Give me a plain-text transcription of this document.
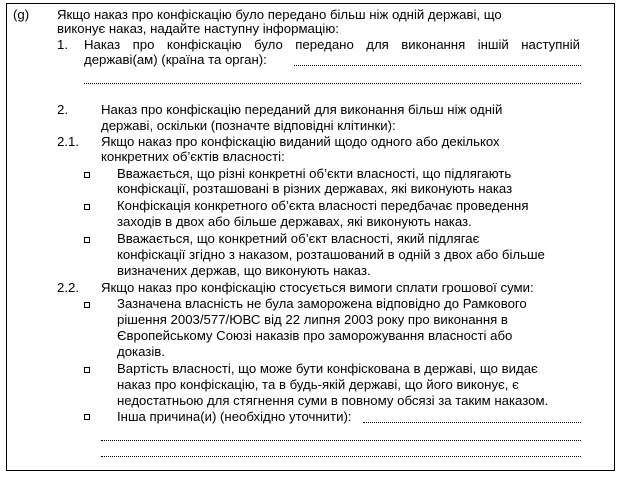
(g) Якщо наказ про конфіскацію було передано більш ніж одній державі, що
виконує наказ, надайте наступну інформацію:
1. Наказ про конфіскацію було передано для виконання іншій наступній
державі(ам) (країна та орган):
2.	Наказ про конфіскацію переданий для виконання більш ніж одній
державі, оскільки (позначте відповідні клітинки):
2.1. Якщо наказ про конфіскацію виданий щодо одного або декількох
конкретних об’єктів власності:
Вважається, що різні конкретні об’єкти власності, що підлягають
конфіскації, розташовані в різних державах, які виконують наказ
Конфіскація конкретного об’єкта власності передбачає проведення
заходів в двох або більше державах, які виконують наказ.
Вважається, що конкретний об’єкт власності, який підлягає
конфіскації згідно з наказом, розташований в одній з двох або більше
визначених держав, що виконують наказ.
2.2. Якщо наказ про конфіскацію стосується вимоги сплати грошової суми:
Зазначена власність не була заморожена відповідно до Рамкового
рішення 2003/577/ЮВС від 22 липня 2003 року про виконання в
Європейському Союзі наказів про заморожування власності або
доказів.
Вартість власності, що може бути конфіскована в державі, що видає
наказ про конфіскацію, та в будь-якій державі, що його виконує, є
недостатньою для стягнення суми в повному обсязі за таким наказом.
Інша причина(и) (необхідно уточнити):
